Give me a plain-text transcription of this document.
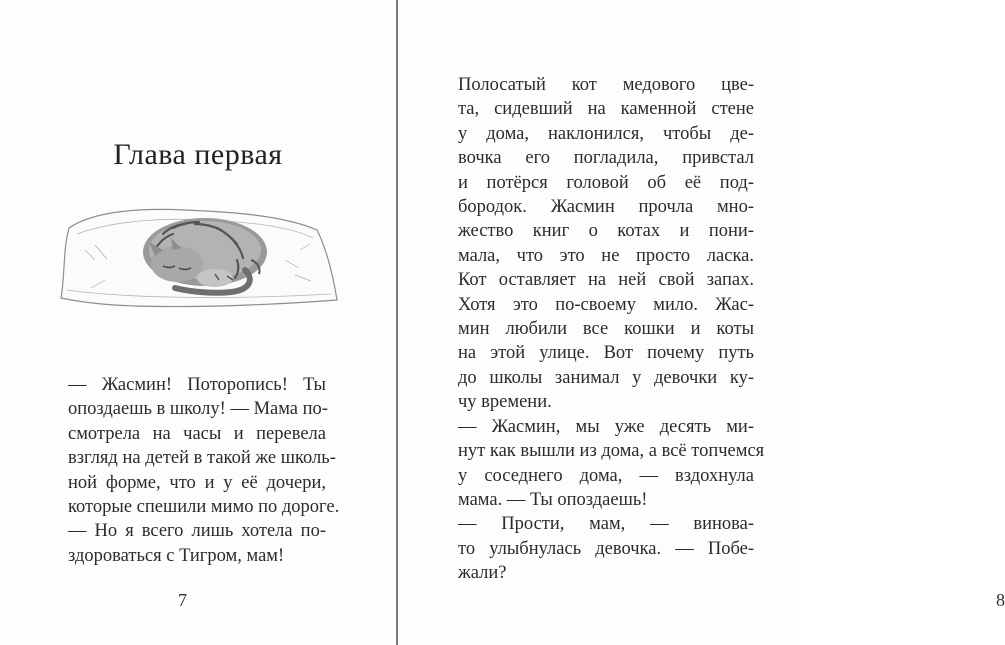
Глава первая
— Жасмин! Поторопись! Ты
опоздаешь в школу! — Мама по-
смотрела на часы и перевела
взгляд на детей в такой же школь-
ной форме, что и у её дочери,
которые спешили мимо по дороге.
— Но я всего лишь хотела по-
здороваться с Тигром, мам!
7	8
Полосатый кот медового цве-
та, сидевший на каменной стене
у дома, наклонился, чтобы де-
вочка его погладила, привстал
и потёрся головой об её под-
бородок. Жасмин прочла мно-
жество книг о котах и пони-
мала, что это не просто ласка.
Кот оставляет на ней свой запах.
Хотя это по-своему мило. Жас-
мин любили все кошки и коты
на этой улице. Вот почему путь
до школы занимал у девочки ку-
чу времени.
— Жасмин, мы уже десять ми-
нут как вышли из дома, а всё топчемся
у соседнего дома, — вздохнула
мама. — Ты опоздаешь!
— Прости, мам, — винова-
то улыбнулась девочка. — Побе-
жали?
